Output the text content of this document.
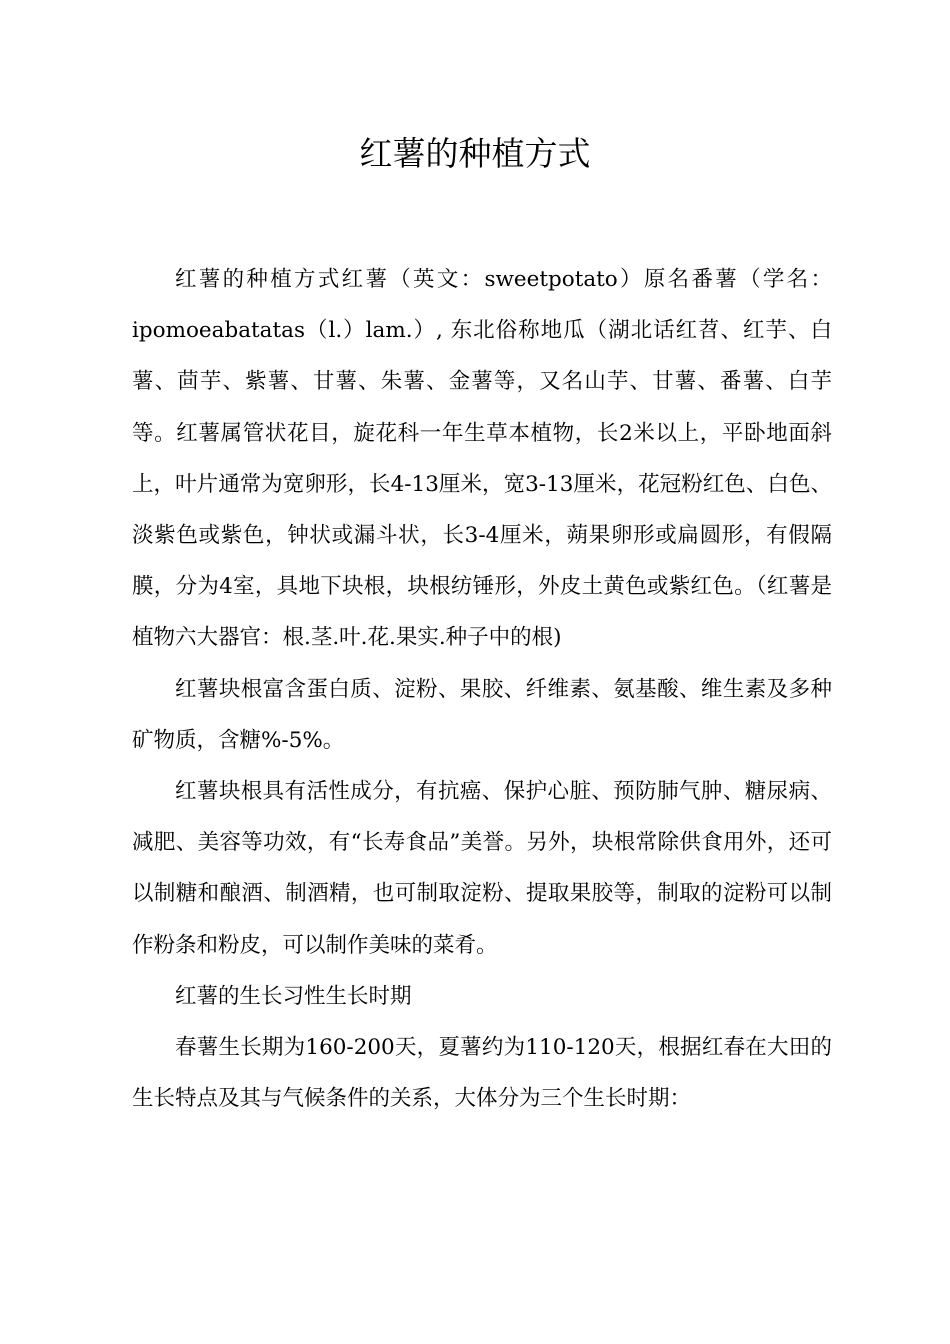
红薯的种植方式

红薯的种植方式红薯（英文：sweetpotato）原名番薯（学名：ipomoeabatatas（l.）lam.）, 东北俗称地瓜（湖北话红苕、红芋、白薯、茴芋、紫薯、甘薯、朱薯、金薯等，又名山芋、甘薯、番薯、白芋等。红薯属管状花目，旋花科一年生草本植物，长2米以上，平卧地面斜上，叶片通常为宽卵形，长4-13厘米，宽3-13厘米，花冠粉红色、白色、淡紫色或紫色，钟状或漏斗状，长3-4厘米，蒴果卵形或扁圆形，有假隔膜，分为4室，具地下块根，块根纺锤形，外皮土黄色或紫红色。（红薯是植物六大器官：根.茎.叶.花.果实.种子中的根)

红薯块根富含蛋白质、淀粉、果胶、纤维素、氨基酸、维生素及多种矿物质，含糖%-5%。

红薯块根具有活性成分，有抗癌、保护心脏、预防肺气肿、糖尿病、减肥、美容等功效，有“长寿食品”美誉。另外，块根常除供食用外，还可以制糖和酿酒、制酒精，也可制取淀粉、提取果胶等，制取的淀粉可以制作粉条和粉皮，可以制作美味的菜肴。

红薯的生长习性生长时期

春薯生长期为160-200天，夏薯约为110-120天，根据红春在大田的生长特点及其与气候条件的关系，大体分为三个生长时期：
